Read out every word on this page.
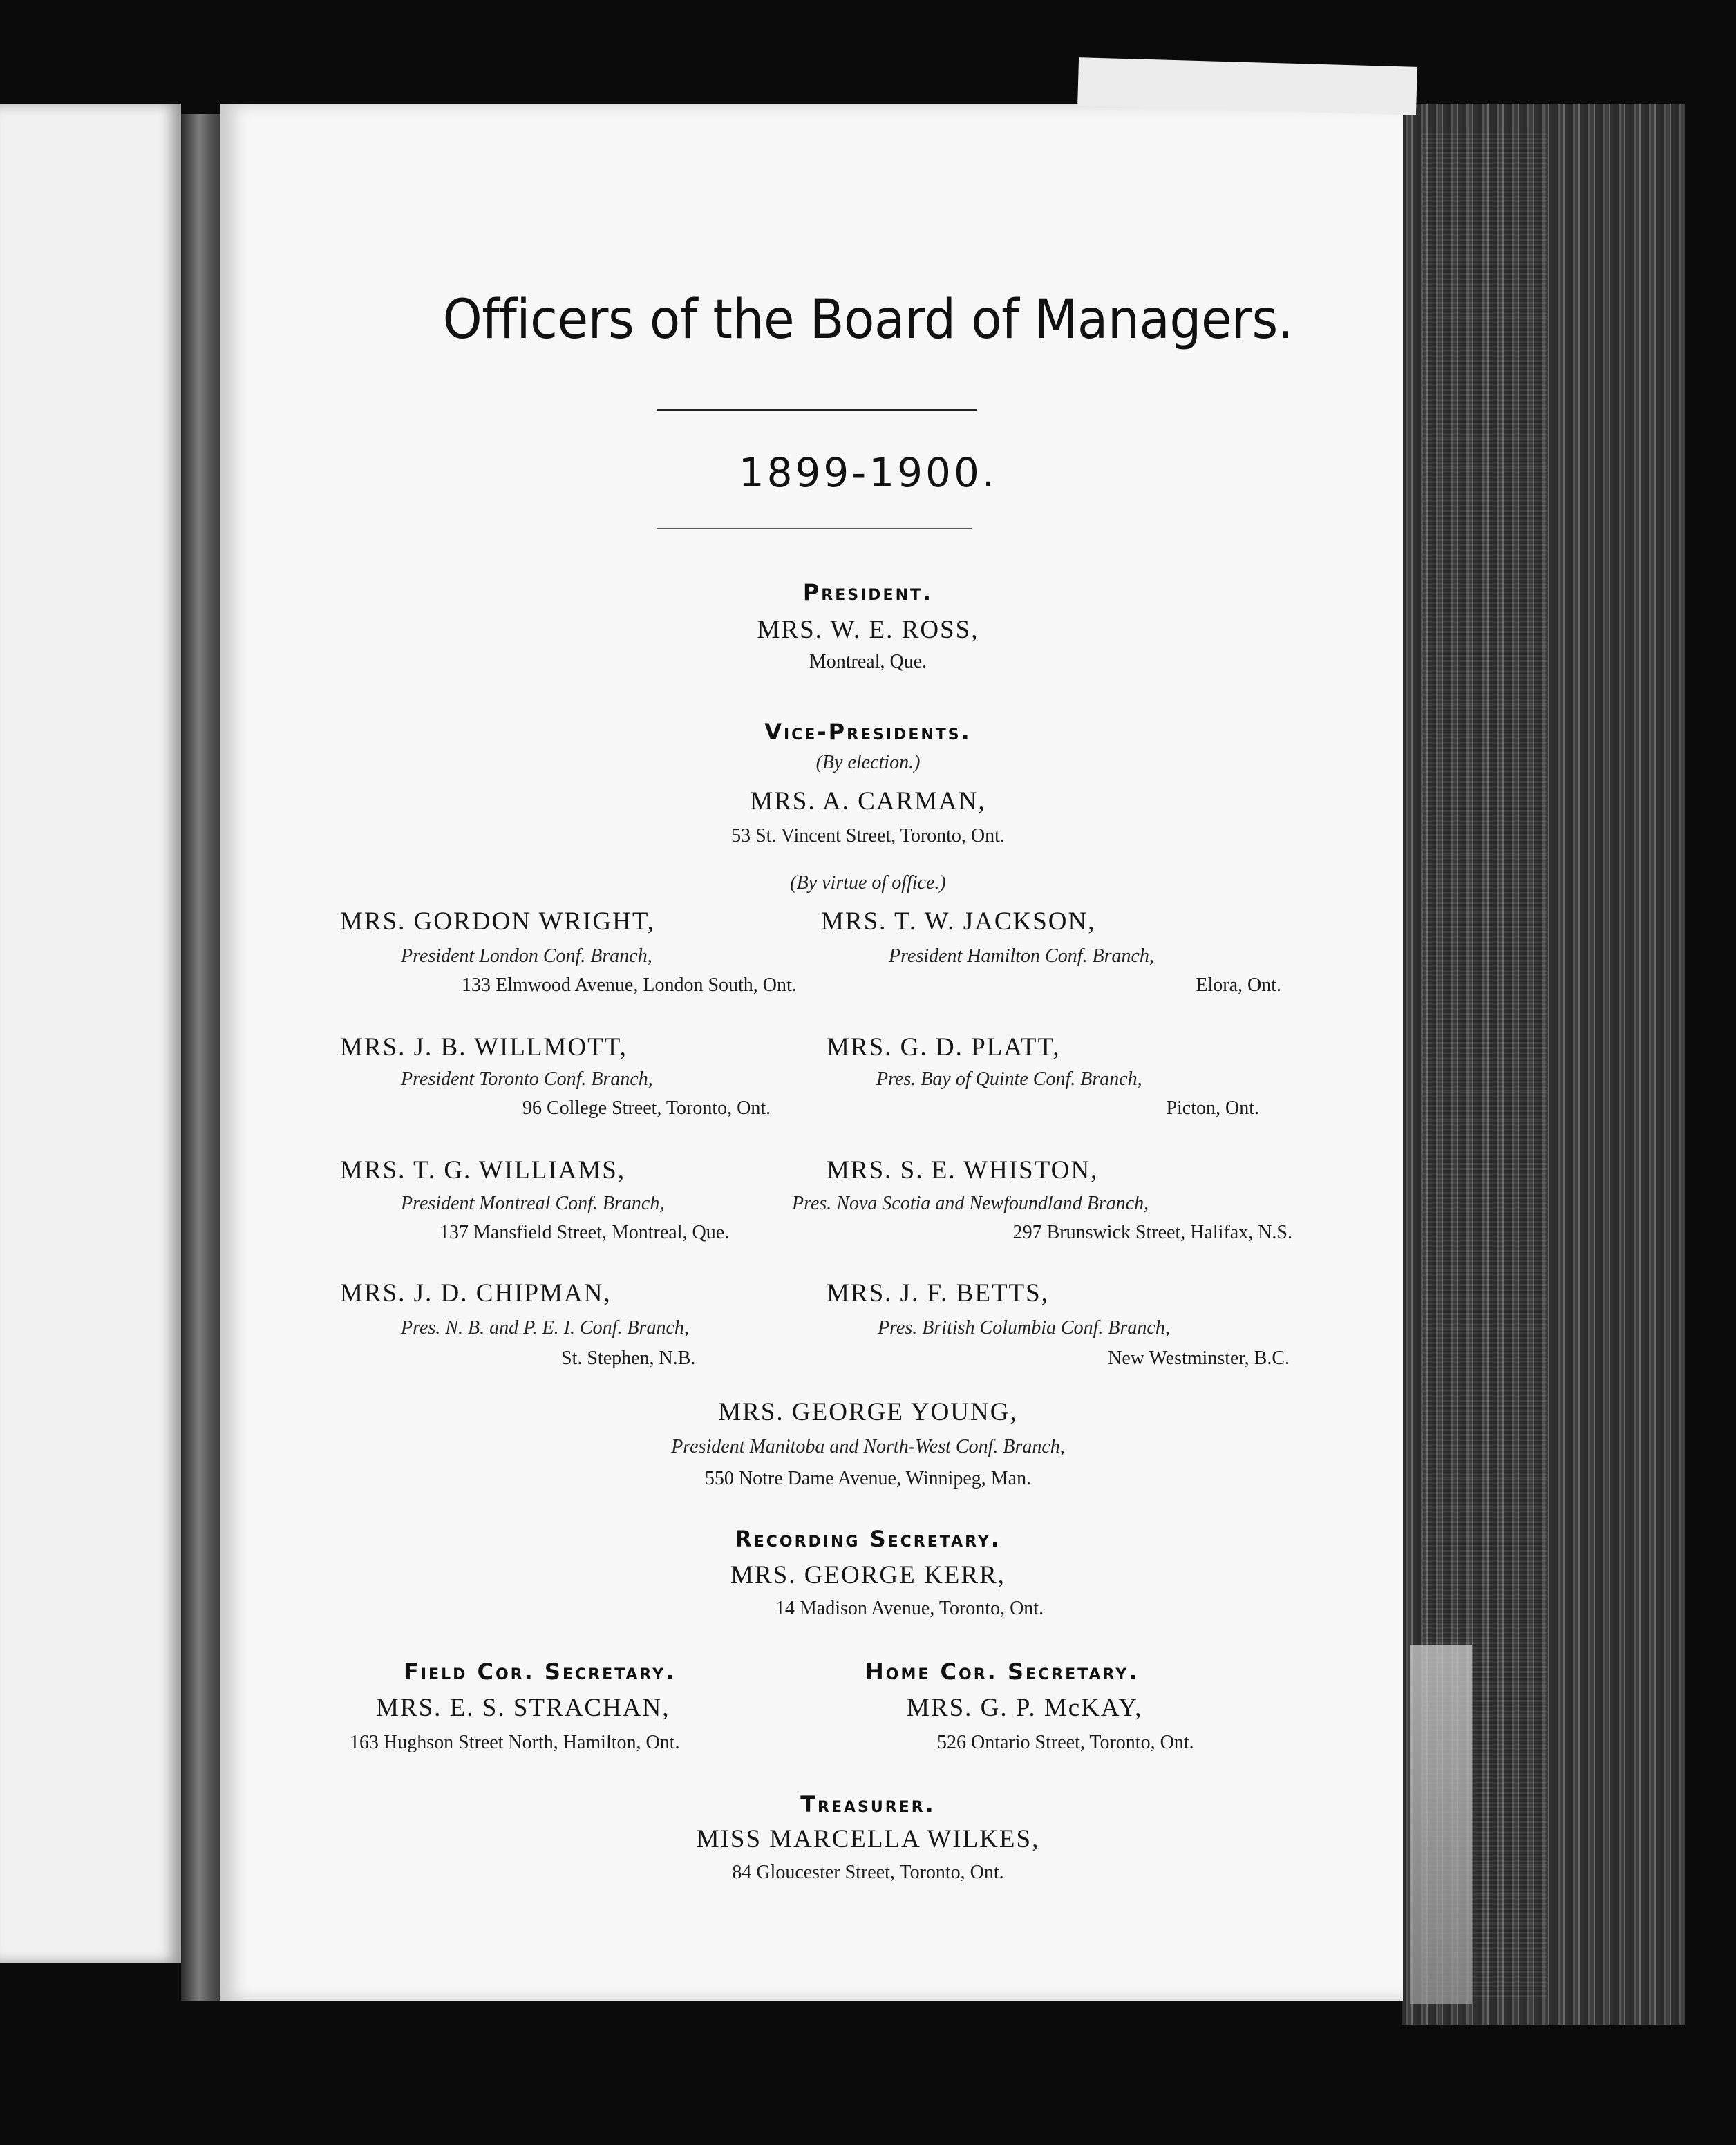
Officers of the Board of Managers.
1899-1900.
President.
MRS. W. E. ROSS,
Montreal, Que.
Vice-Presidents.
(By election.)
MRS. A. CARMAN,
53 St. Vincent Street, Toronto, Ont.
(By virtue of office.)
MRS. GORDON WRIGHT,	MRS. T. W. JACKSON,
President London Conf. Branch,	President Hamilton Conf. Branch,
133 Elmwood Avenue, London South, Ont.	Elora, Ont.
MRS. J. B. WILLMOTT,	MRS. G. D. PLATT,
President Toronto Conf. Branch,	Pres. Bay of Quinte Conf. Branch,
96 College Street, Toronto, Ont.	Picton, Ont.
MRS. T. G. WILLIAMS,	MRS. S. E. WHISTON,
President Montreal Conf. Branch,	Pres. Nova Scotia and Newfoundland Branch,
137 Mansfield Street, Montreal, Que.	297 Brunswick Street, Halifax, N.S.
MRS. J. D. CHIPMAN,	MRS. J. F. BETTS,
Pres. N. B. and P. E. I. Conf. Branch,	Pres. British Columbia Conf. Branch,
St. Stephen, N.B.	New Westminster, B.C.
MRS. GEORGE YOUNG,
President Manitoba and North-West Conf. Branch,
550 Notre Dame Avenue, Winnipeg, Man.
Recording Secretary.
MRS. GEORGE KERR,
14 Madison Avenue, Toronto, Ont.
Field Cor. Secretary.	Home Cor. Secretary.
MRS. E. S. STRACHAN,	MRS. G. P. McKAY,
163 Hughson Street North, Hamilton, Ont.	526 Ontario Street, Toronto, Ont.
Treasurer.
MISS MARCELLA WILKES,
84 Gloucester Street, Toronto, Ont.
